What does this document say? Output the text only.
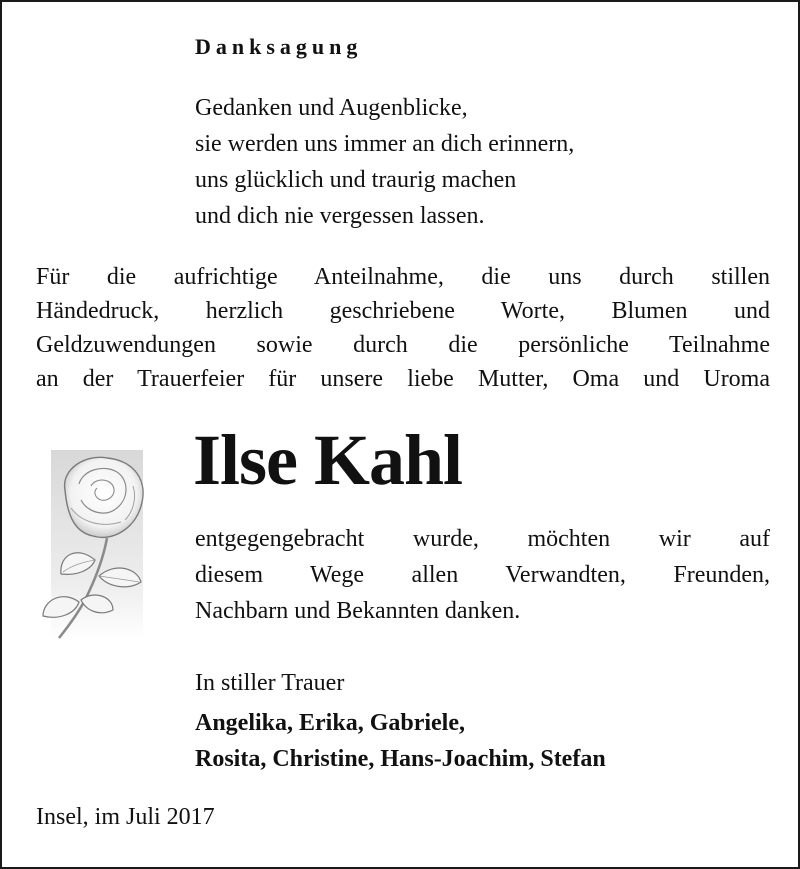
Danksagung
Gedanken und Augenblicke,
sie werden uns immer an dich erinnern,
uns glücklich und traurig machen
und dich nie vergessen lassen.
Für die aufrichtige Anteilnahme, die uns durch stillen
Händedruck, herzlich geschriebene Worte, Blumen und
Geldzuwendungen sowie durch die persönliche Teilnahme
an der Trauerfeier für unsere liebe Mutter, Oma und Uroma
Ilse Kahl
entgegengebracht wurde, möchten wir auf
diesem Wege allen Verwandten, Freunden,
Nachbarn und Bekannten danken.
In stiller Trauer
Angelika, Erika, Gabriele,
Rosita, Christine, Hans-Joachim, Stefan
Insel, im Juli 2017
